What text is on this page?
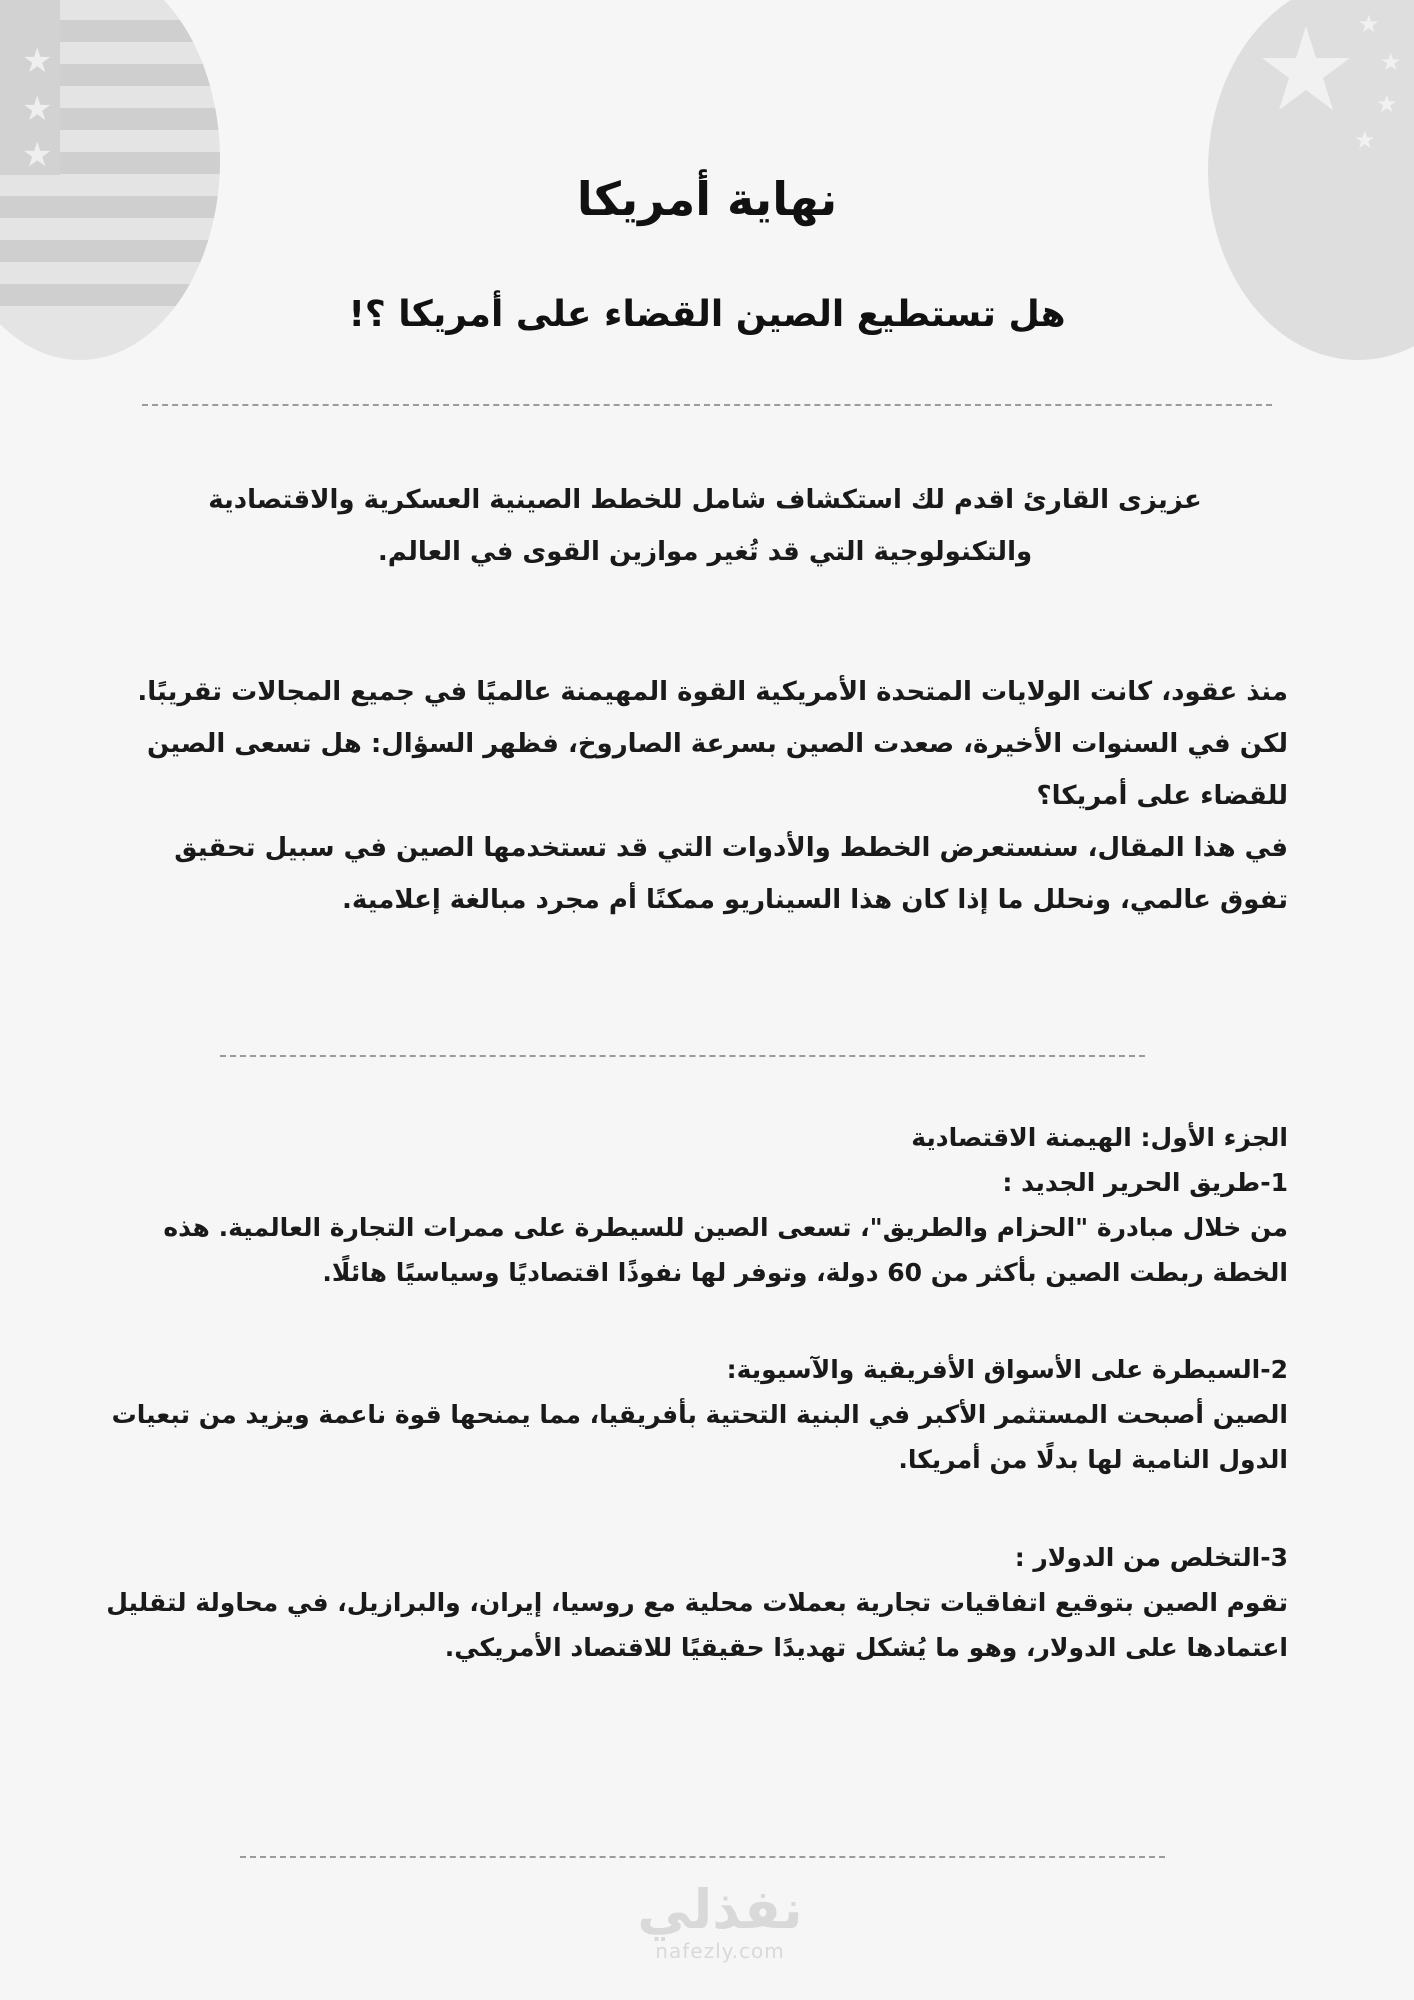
★
★
★
★
★
★
★
نهاية أمريكا
هل تستطيع الصين القضاء على أمريكا ؟!
عزيزى القارئ اقدم لك استكشاف شامل للخطط الصينية العسكرية والاقتصادية والتكنولوجية التي قد تُغير موازين القوى في العالم.
منذ عقود، كانت الولايات المتحدة الأمريكية القوة المهيمنة عالميًا في جميع المجالات تقريبًا.
لكن في السنوات الأخيرة، صعدت الصين بسرعة الصاروخ، فظهر السؤال: هل تسعى الصين للقضاء على أمريكا؟
في هذا المقال، سنستعرض الخطط والأدوات التي قد تستخدمها الصين في سبيل تحقيق تفوق عالمي، ونحلل ما إذا كان هذا السيناريو ممكنًا أم مجرد مبالغة إعلامية.
الجزء الأول: الهيمنة الاقتصادية
1-طريق الحرير الجديد :
من خلال مبادرة "الحزام والطريق"، تسعى الصين للسيطرة على ممرات التجارة العالمية. هذه الخطة ربطت الصين بأكثر من 60 دولة، وتوفر لها نفوذًا اقتصاديًا وسياسيًا هائلًا.
2-السيطرة على الأسواق الأفريقية والآسيوية:
الصين أصبحت المستثمر الأكبر في البنية التحتية بأفريقيا، مما يمنحها قوة ناعمة ويزيد من تبعيات الدول النامية لها بدلًا من أمريكا.
3-التخلص من الدولار :
تقوم الصين بتوقيع اتفاقيات تجارية بعملات محلية مع روسيا، إيران، والبرازيل، في محاولة لتقليل اعتمادها على الدولار، وهو ما يُشكل تهديدًا حقيقيًا للاقتصاد الأمريكي.
نفذلي
nafezly.com
